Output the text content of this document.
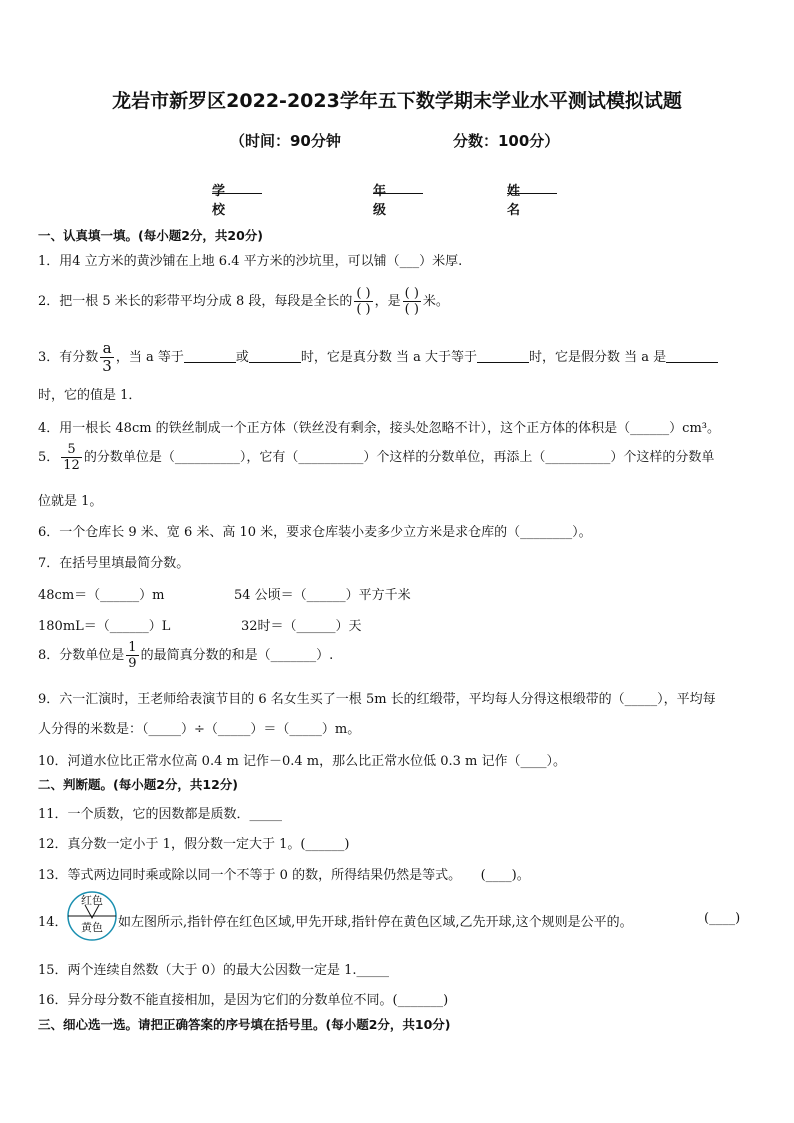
龙岩市新罗区2022-2023学年五下数学期末学业水平测试模拟试题
（时间：90分钟	分数：100分）
学校
年级
姓名
一、认真填一填。(每小题2分，共20分)
1．用4 立方米的黄沙铺在上地 6.4 平方米的沙坑里，可以铺（___）米厚.
2．把一根 5 米长的彩带平均分成 8 段，每段是全长的 $\frac{( )}{( )}$ ，是 $\frac{( )}{( )}$ 米。
3．有分数 $\frac{a}{3}$ ，当 a 等于	或	时，它是真分数 当 a 大于等于	时，它是假分数 当 a 是
时，它的值是 1．
4．用一根长 48cm 的铁丝制成一个正方体（铁丝没有剩余，接头处忽略不计），这个正方体的体积是（______）cm³。
5． $\frac{5}{12}$ 的分数单位是（__________），它有（__________）个这样的分数单位，再添上（__________）个这样的分数单
位就是 1。
6．一个仓库长 9 米、宽 6 米、高 10 米，要求仓库装小麦多少立方米是求仓库的（________）。
7．在括号里填最简分数。
48cm＝（______）m	54 公顷＝（______）平方千米
180mL＝（______）L	32时＝（______）天
8．分数单位是 $\frac{1}{9}$ 的最简真分数的和是（_______）.
9．六一汇演时，王老师给表演节目的 6 名女生买了一根 5m 长的红缎带，平均每人分得这根缎带的（_____），平均每
人分得的米数是：（_____）÷（_____）＝（_____）m。
10．河道水位比正常水位高 0.4 m 记作－0.4 m，那么比正常水位低 0.3 m 记作（____）。
二、判断题。(每小题2分，共12分)
11．一个质数，它的因数都是质数．_____
12．真分数一定小于 1，假分数一定大于 1。(______)
13．等式两边同时乘或除以同一个不等于 0 的数，所得结果仍然是等式。　　(____)。
14．
红色
黄色 如左图所示,指针停在红色区域,甲先开球,指针停在黄色区域,乙先开球,这个规则是公平的。	(____)
15．两个连续自然数（大于 0）的最大公因数一定是 1._____
16．异分母分数不能直接相加，是因为它们的分数单位不同。(_______)
三、细心选一选。请把正确答案的序号填在括号里。(每小题2分，共10分)
